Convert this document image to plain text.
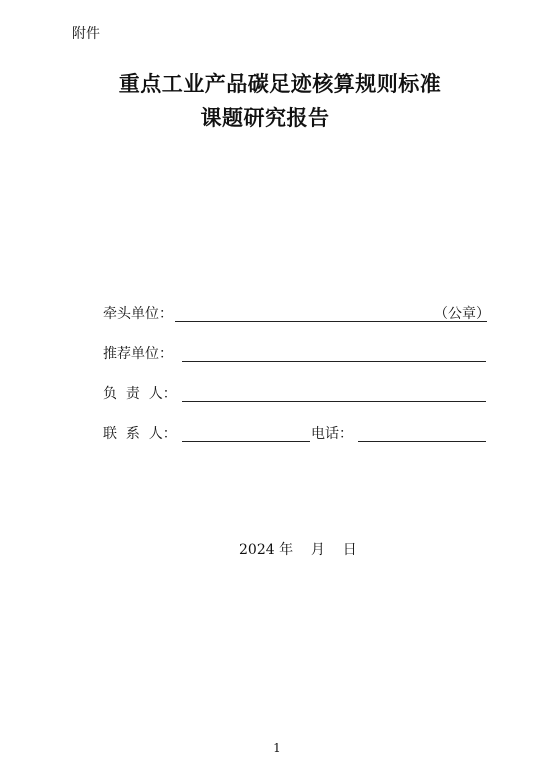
附件
重点工业产品碳足迹核算规则标准
课题研究报告
牵头单位：	（公章）
推荐单位：
负  责  人：
联  系  人：	电话：
2024 年 月 日
1
